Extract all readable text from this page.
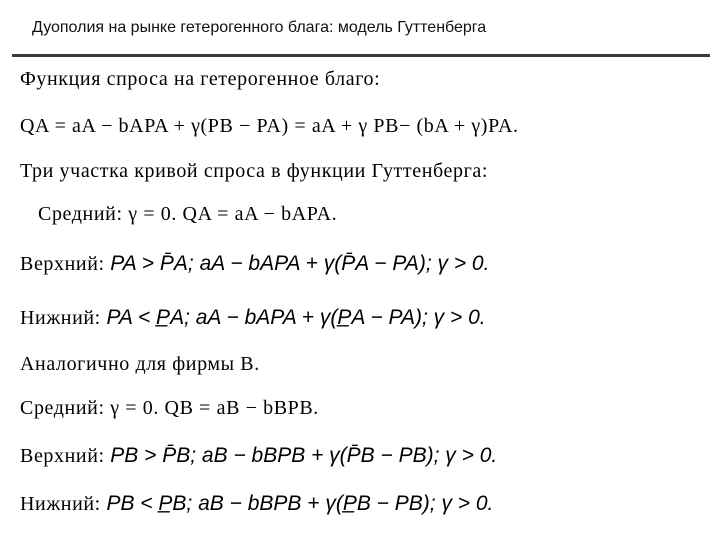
Дуополия на рынке гетерогенного блага: модель Гуттенберга
Функция спроса на гетерогенное благо:
QA = aA − bAPA + γ(PB − PA) = aA + γ PB− (bA + γ)PA.
Три участка кривой спроса в функции Гуттенберга:
Средний: γ = 0. QA = aA − bAPA.
Верхний: PA > P̄A; aA − bAPA + γ(P̄A − PA); γ > 0.
Нижний: PA < P̲A; aA − bAPA + γ(P̲A − PA); γ > 0.
Аналогично для фирмы B.
Средний: γ = 0. QB = aB − bBPB.
Верхний: PB > P̄B; aB − bBPB + γ(P̄B − PB); γ > 0.
Нижний: PB < P̲B; aB − bBPB + γ(P̲B − PB); γ > 0.
